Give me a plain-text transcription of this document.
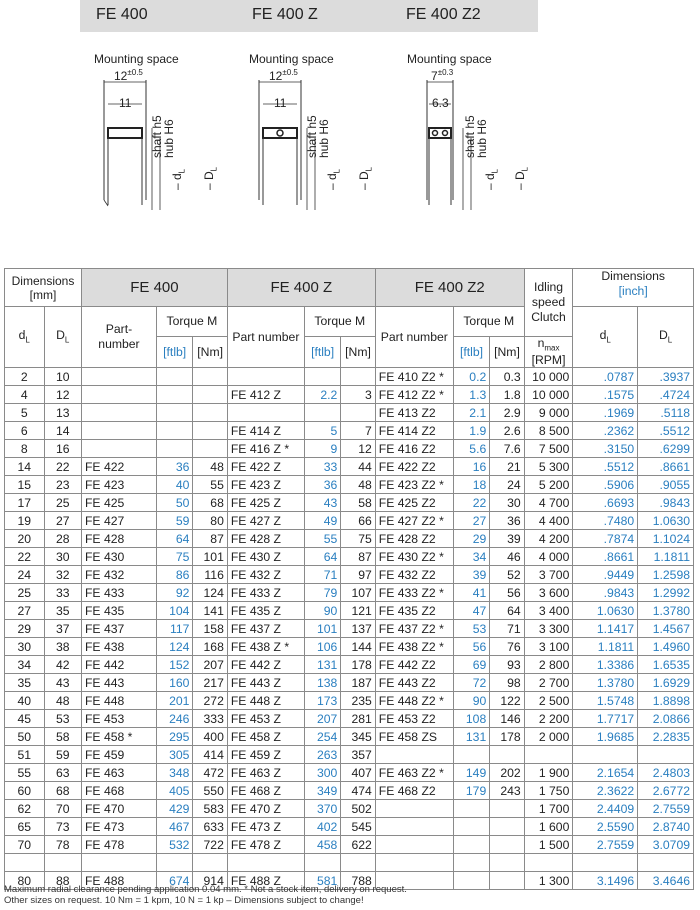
FE 400	FE 400 Z	FE 400 Z2
Mounting space
$12^{\pm 0.5}$
11
shaft h5
hub H6
– $d_L$
– $D_L$
Mounting space
$12^{\pm 0.5}$
11
shaft h5
hub H6
– $d_L$
– $D_L$
Mounting space
$7^{\pm 0.3}$
6.3
shaft h5
hub H6
– $d_L$
– $D_L$
Dimensions
[mm]		FE 400			FE 400 Z			FE 400 Z2			Idling speed Clutch	Dimensions
[inch]	
$d_L$	$D_L$	Part- number	Torque M		Part number	Torque M		Part number	Torque M			$d_L$	$D_L$
			[ftlb]	[Nm]		[ftlb]	[Nm]		[ftlb]	[Nm]	$n_{max}$
[RPM]		
2	10							FE 410 Z2 *	0.2	0.3	10 000	.0787	.3937
4	12				FE 412 Z	2.2	3	FE 412 Z2 *	1.3	1.8	10 000	.1575	.4724
5	13							FE 413 Z2	2.1	2.9	9 000	.1969	.5118
6	14				FE 414 Z	5	7	FE 414 Z2	1.9	2.6	8 500	.2362	.5512
8	16				FE 416 Z *	9	12	FE 416 Z2	5.6	7.6	7 500	.3150	.6299
14	22	FE 422	36	48	FE 422 Z	33	44	FE 422 Z2	16	21	5 300	.5512	.8661
15	23	FE 423	40	55	FE 423 Z	36	48	FE 423 Z2 *	18	24	5 200	.5906	.9055
17	25	FE 425	50	68	FE 425 Z	43	58	FE 425 Z2	22	30	4 700	.6693	.9843
19	27	FE 427	59	80	FE 427 Z	49	66	FE 427 Z2 *	27	36	4 400	.7480	1.0630
20	28	FE 428	64	87	FE 428 Z	55	75	FE 428 Z2	29	39	4 200	.7874	1.1024
22	30	FE 430	75	101	FE 430 Z	64	87	FE 430 Z2 *	34	46	4 000	.8661	1.1811
24	32	FE 432	86	116	FE 432 Z	71	97	FE 432 Z2	39	52	3 700	.9449	1.2598
25	33	FE 433	92	124	FE 433 Z	79	107	FE 433 Z2 *	41	56	3 600	.9843	1.2992
27	35	FE 435	104	141	FE 435 Z	90	121	FE 435 Z2	47	64	3 400	1.0630	1.3780
29	37	FE 437	117	158	FE 437 Z	101	137	FE 437 Z2 *	53	71	3 300	1.1417	1.4567
30	38	FE 438	124	168	FE 438 Z *	106	144	FE 438 Z2 *	56	76	3 100	1.1811	1.4960
34	42	FE 442	152	207	FE 442 Z	131	178	FE 442 Z2	69	93	2 800	1.3386	1.6535
35	43	FE 443	160	217	FE 443 Z	138	187	FE 443 Z2	72	98	2 700	1.3780	1.6929
40	48	FE 448	201	272	FE 448 Z	173	235	FE 448 Z2 *	90	122	2 500	1.5748	1.8898
45	53	FE 453	246	333	FE 453 Z	207	281	FE 453 Z2	108	146	2 200	1.7717	2.0866
50	58	FE 458 *	295	400	FE 458 Z	254	345	FE 458 ZS	131	178	2 000	1.9685	2.2835
51	59	FE 459	305	414	FE 459 Z	263	357						
55	63	FE 463	348	472	FE 463 Z	300	407	FE 463 Z2 *	149	202	1 900	2.1654	2.4803
60	68	FE 468	405	550	FE 468 Z	349	474	FE 468 Z2	179	243	1 750	2.3622	2.6772
62	70	FE 470	429	583	FE 470 Z	370	502				1 700	2.4409	2.7559
65	73	FE 473	467	633	FE 473 Z	402	545				1 600	2.5590	2.8740
70	78	FE 478	532	722	FE 478 Z	458	622				1 500	2.7559	3.0709

80	88	FE 488	674	914	FE 488 Z	581	788				1 300	3.1496	3.4646
Maximum radial clearance pending application 0.04 mm. * Not a stock item, delivery on request.
Other sizes on request. 10 Nm = 1 kpm, 10 N = 1 kp – Dimensions subject to change!
